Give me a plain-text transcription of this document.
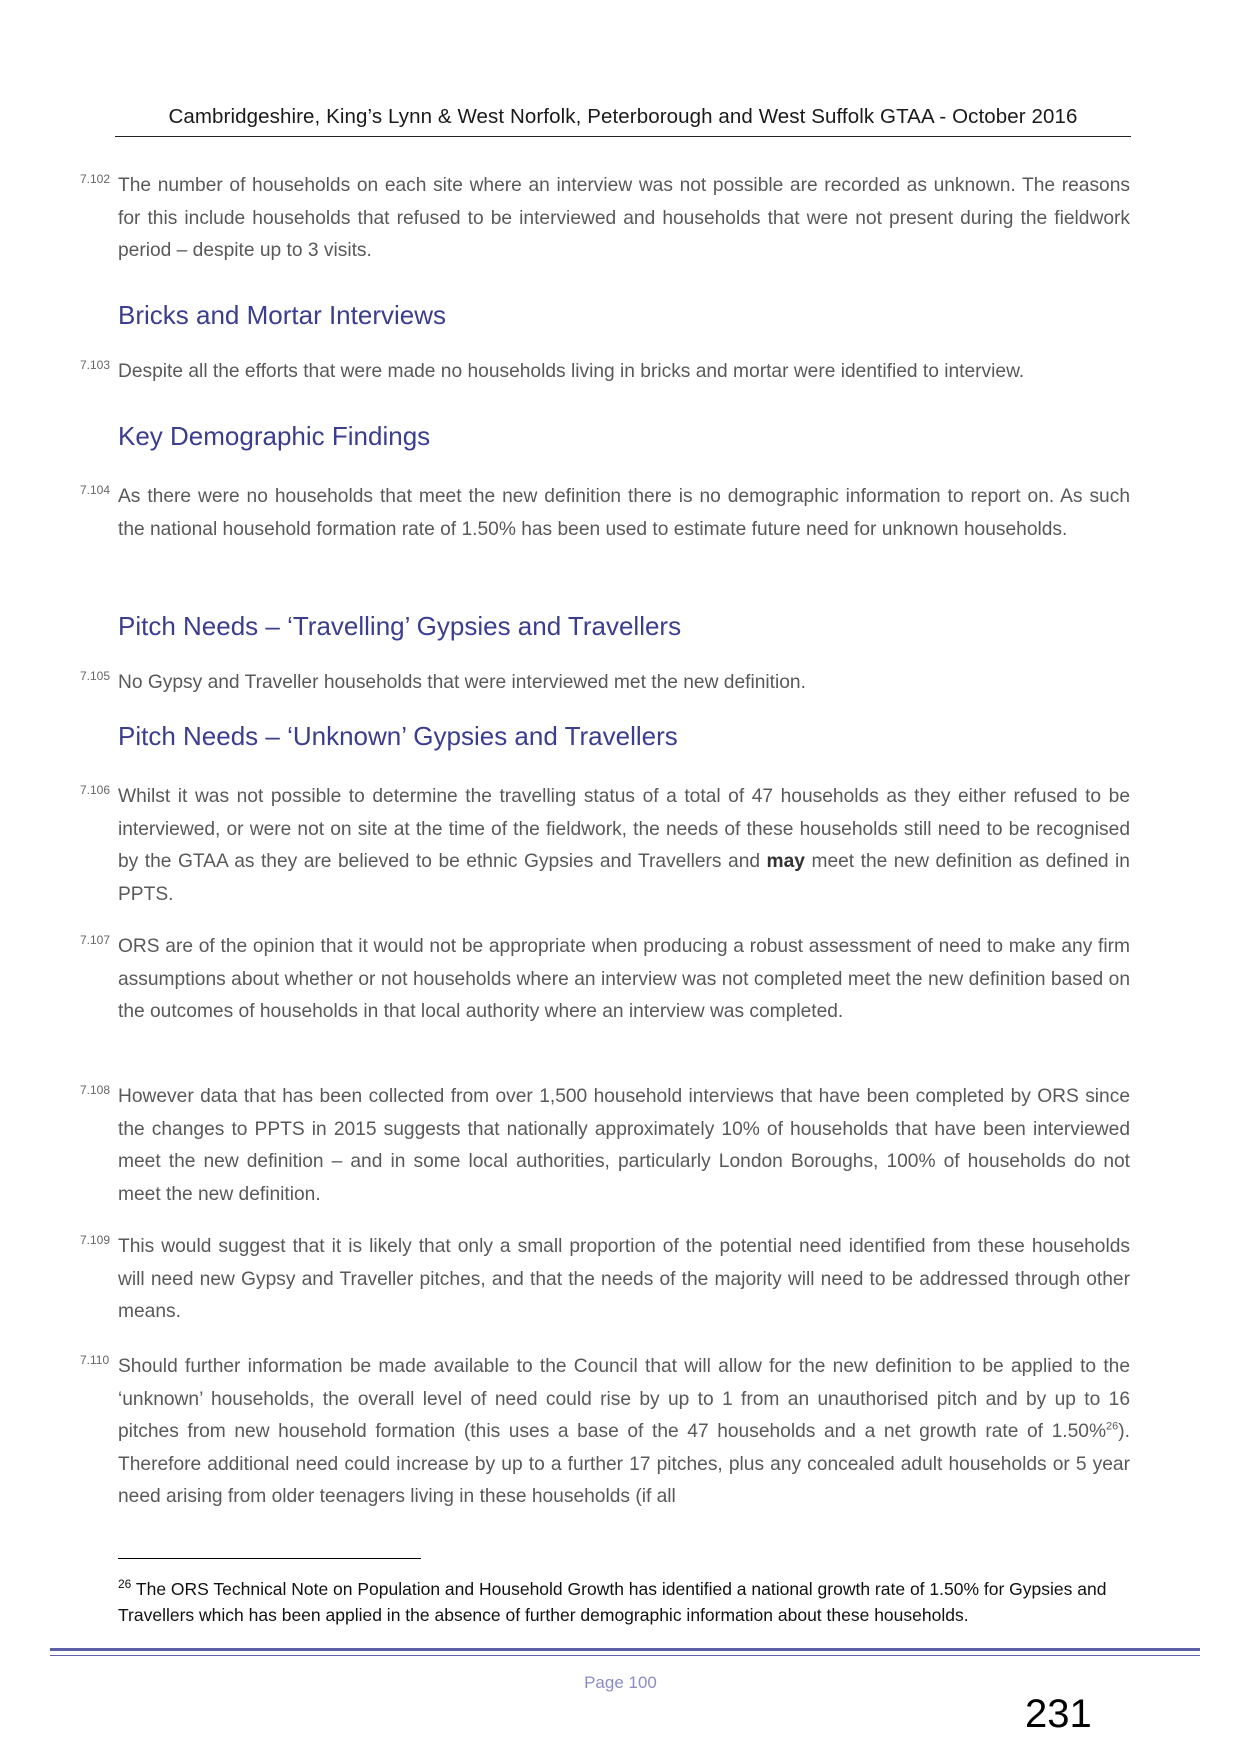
Cambridgeshire, King’s Lynn & West Norfolk, Peterborough and West Suffolk GTAA - October 2016
7.102 The number of households on each site where an interview was not possible are recorded as unknown. The reasons for this include households that refused to be interviewed and households that were not present during the fieldwork period – despite up to 3 visits.
Bricks and Mortar Interviews
7.103 Despite all the efforts that were made no households living in bricks and mortar were identified to interview.
Key Demographic Findings
7.104 As there were no households that meet the new definition there is no demographic information to report on. As such the national household formation rate of 1.50% has been used to estimate future need for unknown households.
Pitch Needs – ‘Travelling’ Gypsies and Travellers
7.105 No Gypsy and Traveller households that were interviewed met the new definition.
Pitch Needs – ‘Unknown’ Gypsies and Travellers
7.106 Whilst it was not possible to determine the travelling status of a total of 47 households as they either refused to be interviewed, or were not on site at the time of the fieldwork, the needs of these households still need to be recognised by the GTAA as they are believed to be ethnic Gypsies and Travellers and may meet the new definition as defined in PPTS.
7.107 ORS are of the opinion that it would not be appropriate when producing a robust assessment of need to make any firm assumptions about whether or not households where an interview was not completed meet the new definition based on the outcomes of households in that local authority where an interview was completed.
7.108 However data that has been collected from over 1,500 household interviews that have been completed by ORS since the changes to PPTS in 2015 suggests that nationally approximately 10% of households that have been interviewed meet the new definition – and in some local authorities, particularly London Boroughs, 100% of households do not meet the new definition.
7.109 This would suggest that it is likely that only a small proportion of the potential need identified from these households will need new Gypsy and Traveller pitches, and that the needs of the majority will need to be addressed through other means.
7.110 Should further information be made available to the Council that will allow for the new definition to be applied to the ‘unknown’ households, the overall level of need could rise by up to 1 from an unauthorised pitch and by up to 16 pitches from new household formation (this uses a base of the 47 households and a net growth rate of 1.50%$^{26}$). Therefore additional need could increase by up to a further 17 pitches, plus any concealed adult households or 5 year need arising from older teenagers living in these households (if all
$^{26}$ The ORS Technical Note on Population and Household Growth has identified a national growth rate of 1.50% for Gypsies and Travellers which has been applied in the absence of further demographic information about these households.
Page 100
231
